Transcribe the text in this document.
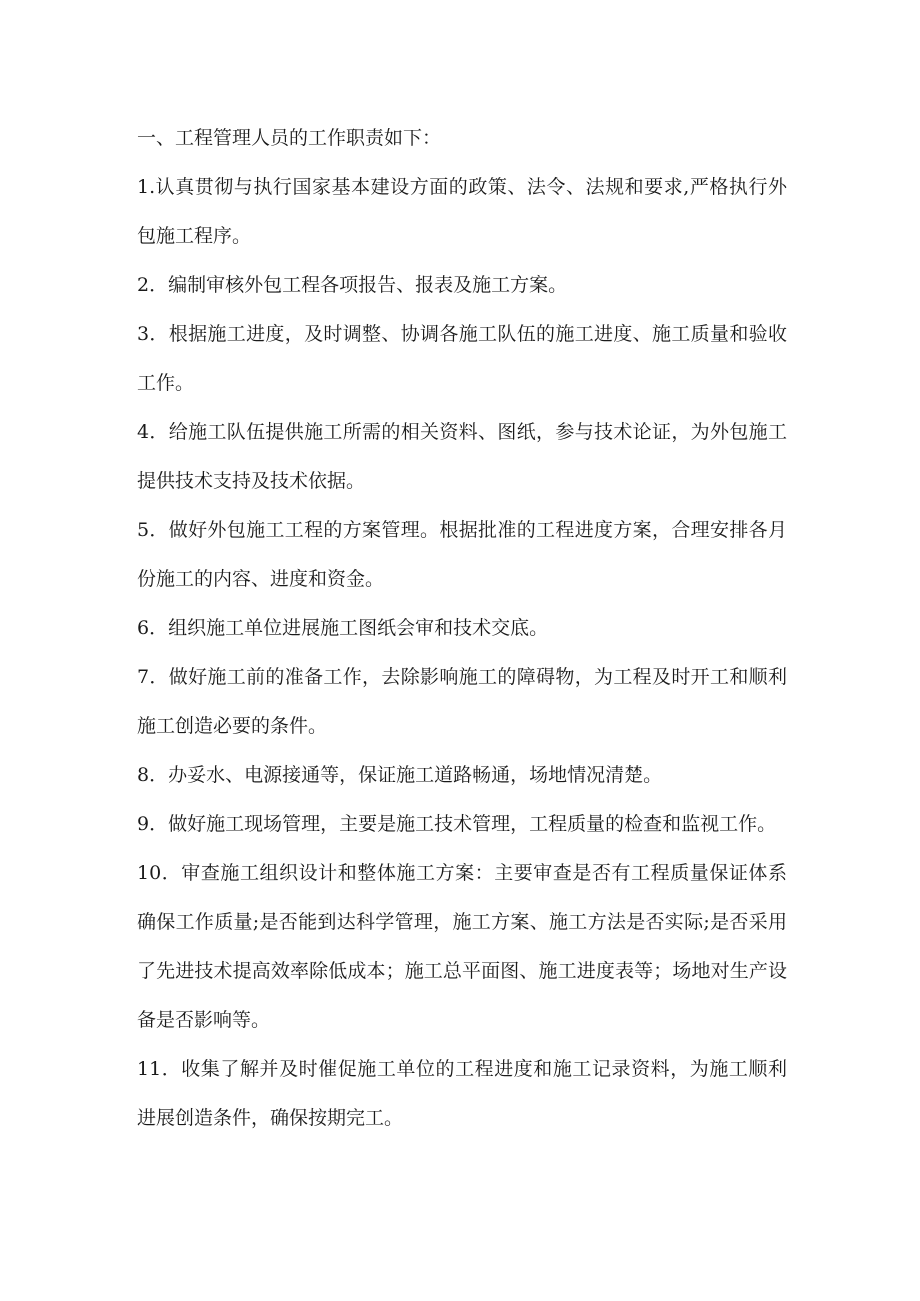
一、工程管理人员的工作职责如下：

1.认真贯彻与执行国家基本建设方面的政策、法令、法规和要求,严格执行外包施工程序。

2．编制审核外包工程各项报告、报表及施工方案。

3．根据施工进度，及时调整、协调各施工队伍的施工进度、施工质量和验收工作。

4．给施工队伍提供施工所需的相关资料、图纸，参与技术论证，为外包施工提供技术支持及技术依据。

5．做好外包施工工程的方案管理。根据批准的工程进度方案，合理安排各月份施工的内容、进度和资金。

6．组织施工单位进展施工图纸会审和技术交底。

7．做好施工前的准备工作，去除影响施工的障碍物，为工程及时开工和顺利施工创造必要的条件。

8．办妥水、电源接通等，保证施工道路畅通，场地情况清楚。

9．做好施工现场管理，主要是施工技术管理，工程质量的检查和监视工作。

10．审查施工组织设计和整体施工方案：主要审查是否有工程质量保证体系确保工作质量;是否能到达科学管理，施工方案、施工方法是否实际;是否采用了先进技术提高效率除低成本；施工总平面图、施工进度表等；场地对生产设备是否影响等。

11．收集了解并及时催促施工单位的工程进度和施工记录资料，为施工顺利进展创造条件，确保按期完工。
